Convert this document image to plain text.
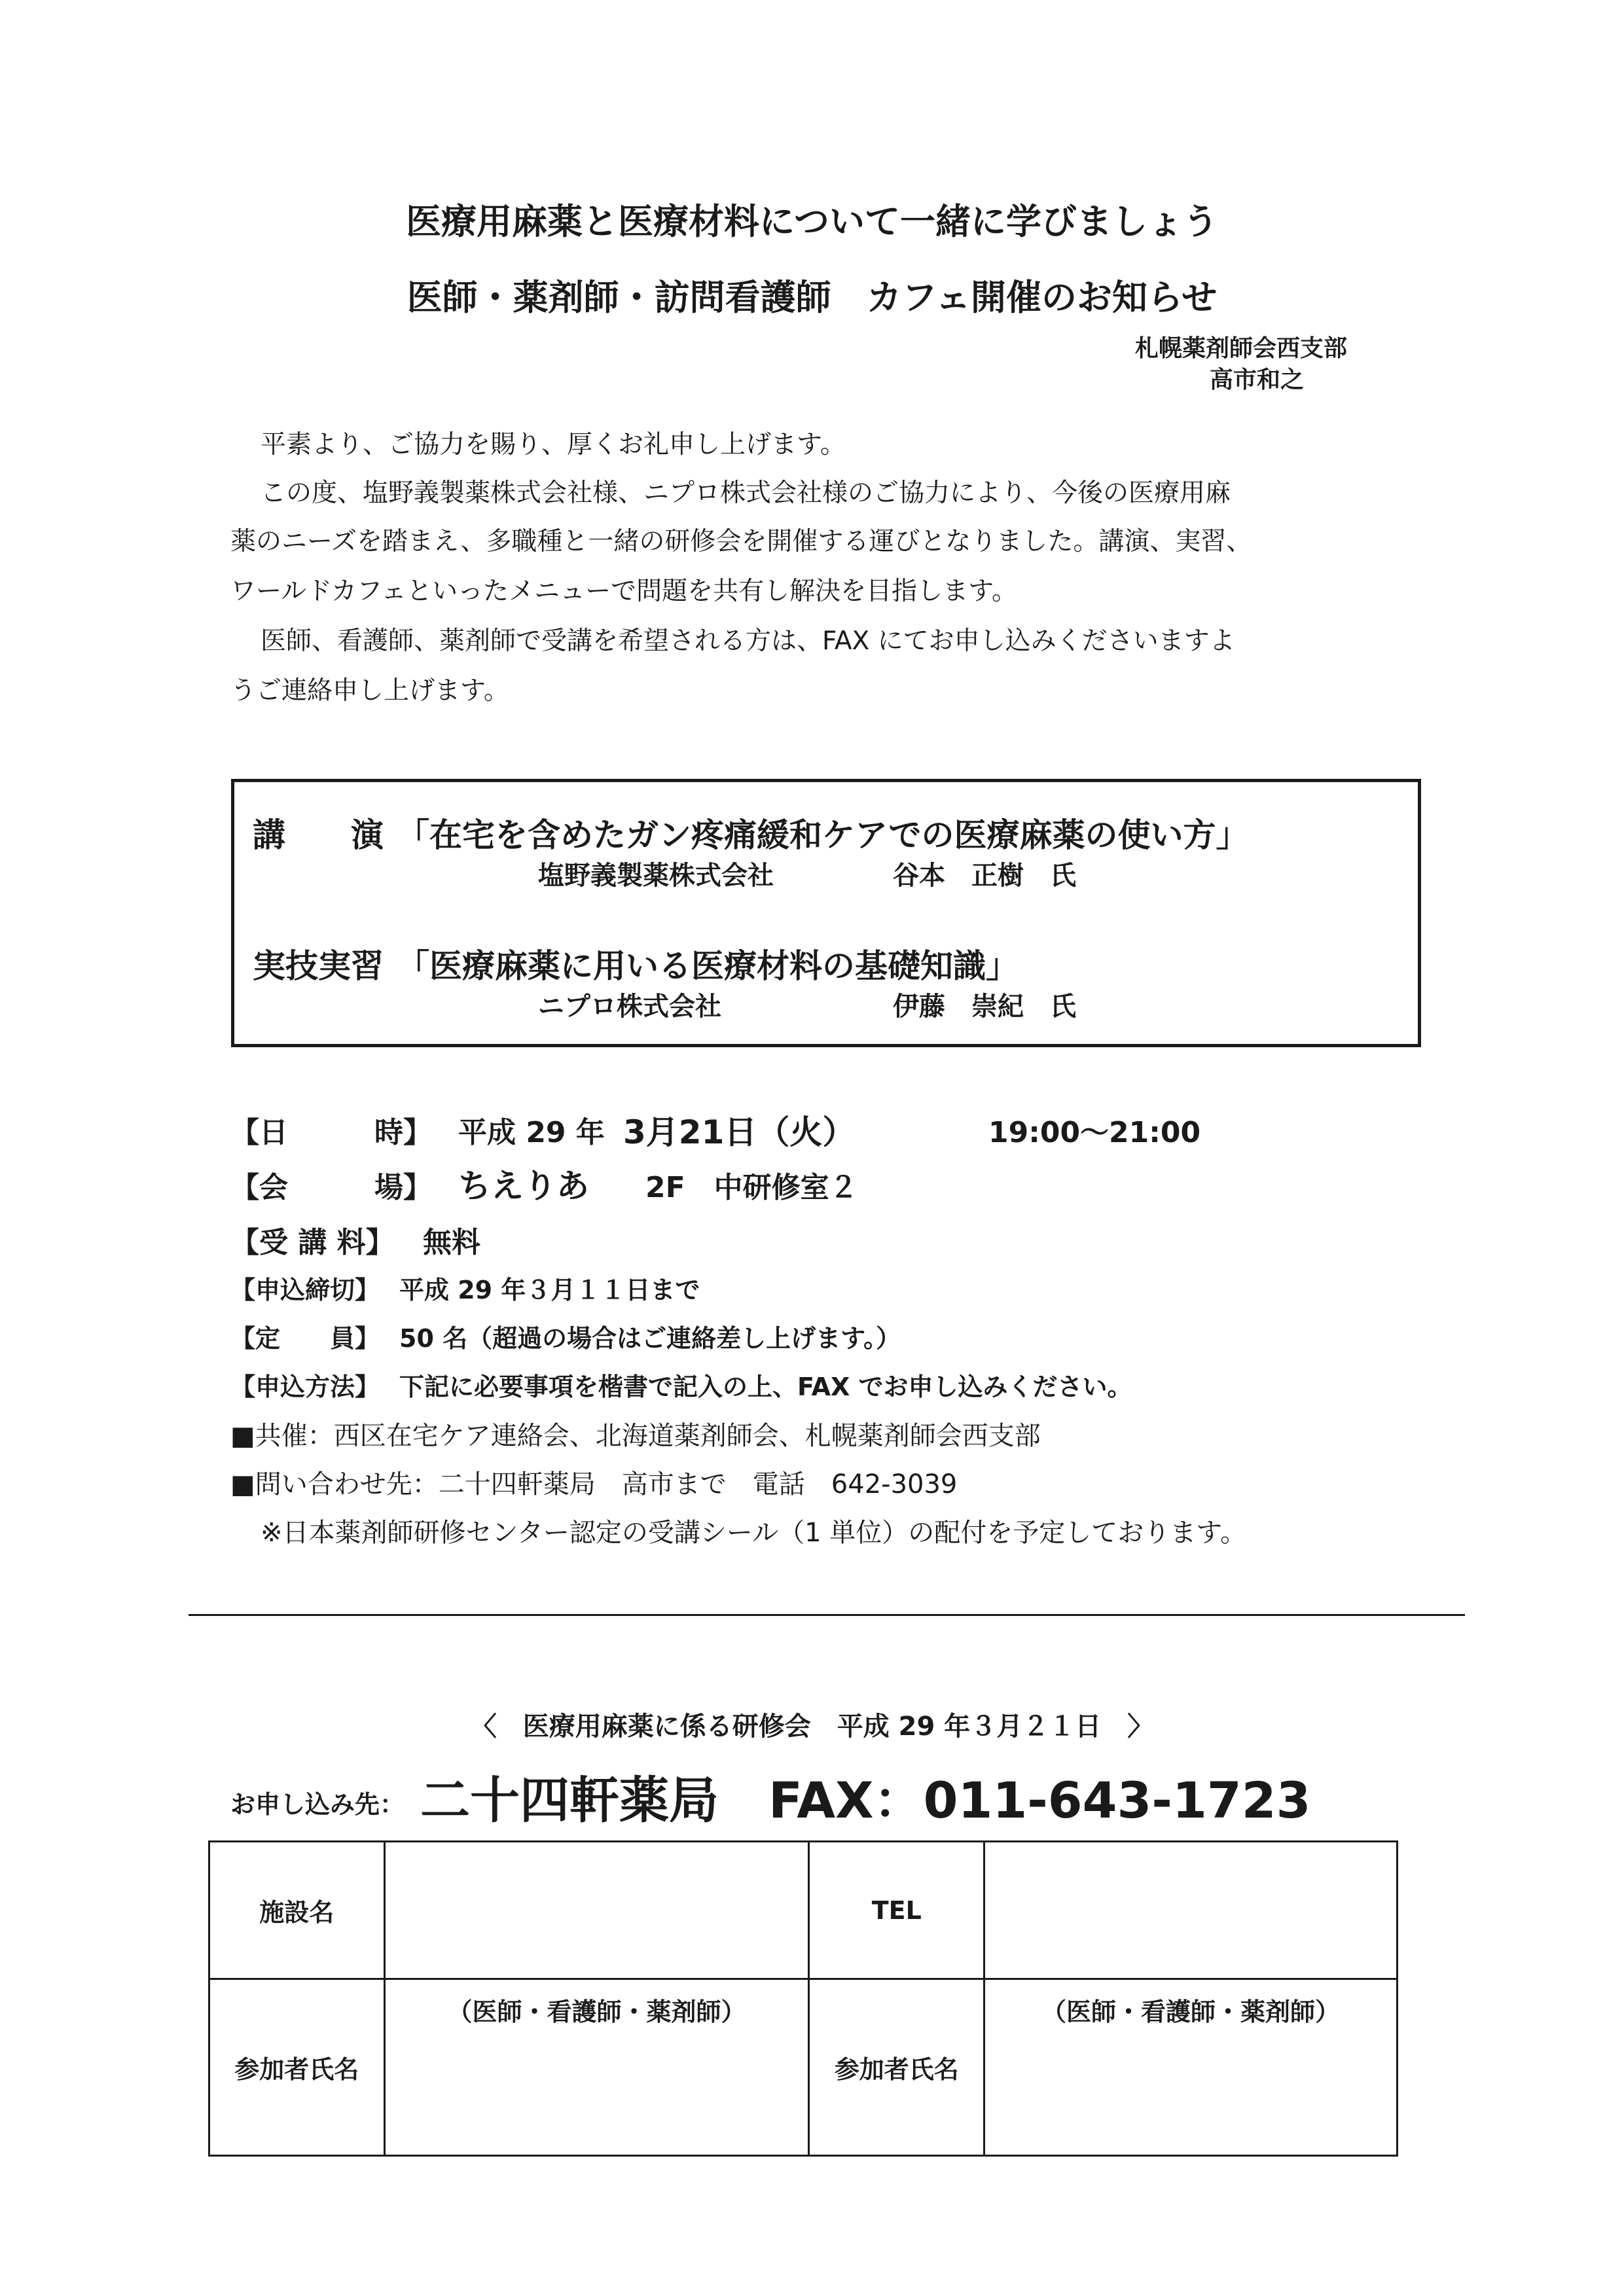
医療用麻薬と医療材料について一緒に学びましょう
医師・薬剤師・訪問看護師　カフェ開催のお知らせ
札幌薬剤師会西支部
高市和之
平素より、ご協力を賜り、厚くお礼申し上げます。
この度、塩野義製薬株式会社様、ニプロ株式会社様のご協力により、今後の医療用麻
薬のニーズを踏まえ、多職種と一緒の研修会を開催する運びとなりました。講演、実習、
ワールドカフェといったメニューで問題を共有し解決を目指します。
医師、看護師、薬剤師で受講を希望される方は、FAX にてお申し込みくださいますよ
うご連絡申し上げます。
講　　演 「在宅を含めたガン疼痛緩和ケアでの医療麻薬の使い方」
塩野義製薬株式会社	谷本　正樹　氏
実技実習 「医療麻薬に用いる医療材料の基礎知識」
ニプロ株式会社	伊藤　崇紀　氏
【日　　　時】 平成 29 年 3月21日（火）	19:00～21:00
【会　　　場】 ちえりあ 2F　中研修室２
【受 講 料】 無料
【申込締切】 平成 29 年３月１１日まで
【定　　員】 50 名（超過の場合はご連絡差し上げます。）
【申込方法】 下記に必要事項を楷書で記入の上、FAX でお申し込みください。
■共催：西区在宅ケア連絡会、北海道薬剤師会、札幌薬剤師会西支部
■問い合わせ先：二十四軒薬局　高市まで　電話　642-3039
※日本薬剤師研修センター認定の受講シール（1 単位）の配付を予定しております。
〈　医療用麻薬に係る研修会　平成 29 年３月２１日　〉
お申し込み先： 二十四軒薬局　FAX：011-643-1723
施設名		TEL	
参加者氏名	（医師・看護師・薬剤師）	参加者氏名	（医師・看護師・薬剤師）
